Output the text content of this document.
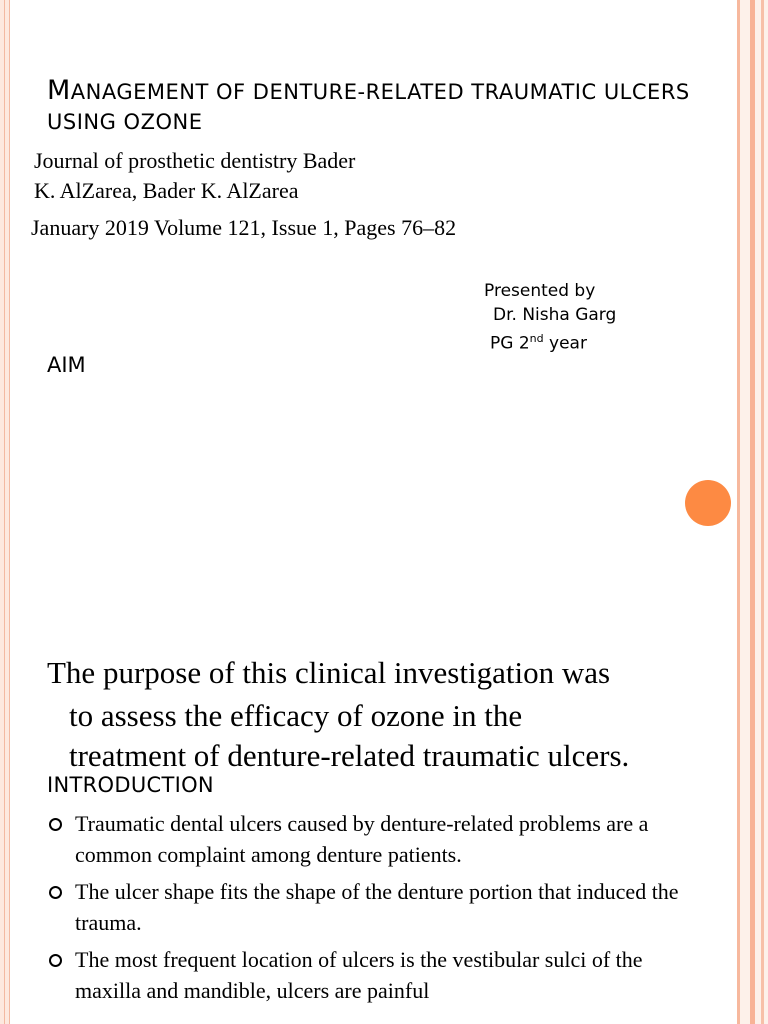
MANAGEMENT OF DENTURE-RELATED TRAUMATIC ULCERS USING OZONE
Journal of prosthetic dentistry Bader
K. AlZarea, Bader K. AlZarea
January 2019 Volume 121, Issue 1, Pages 76–82
Presented by
Dr. Nisha Garg
PG 2nd year
AIM
The purpose of this clinical investigation was
to assess the efficacy of ozone in the
treatment of denture-related traumatic ulcers.
INTRODUCTION
Traumatic dental ulcers caused by denture-related problems are a common complaint among denture patients.
The ulcer shape fits the shape of the denture portion that induced the trauma.
The most frequent location of ulcers is the vestibular sulci of the maxilla and mandible, ulcers are painful
